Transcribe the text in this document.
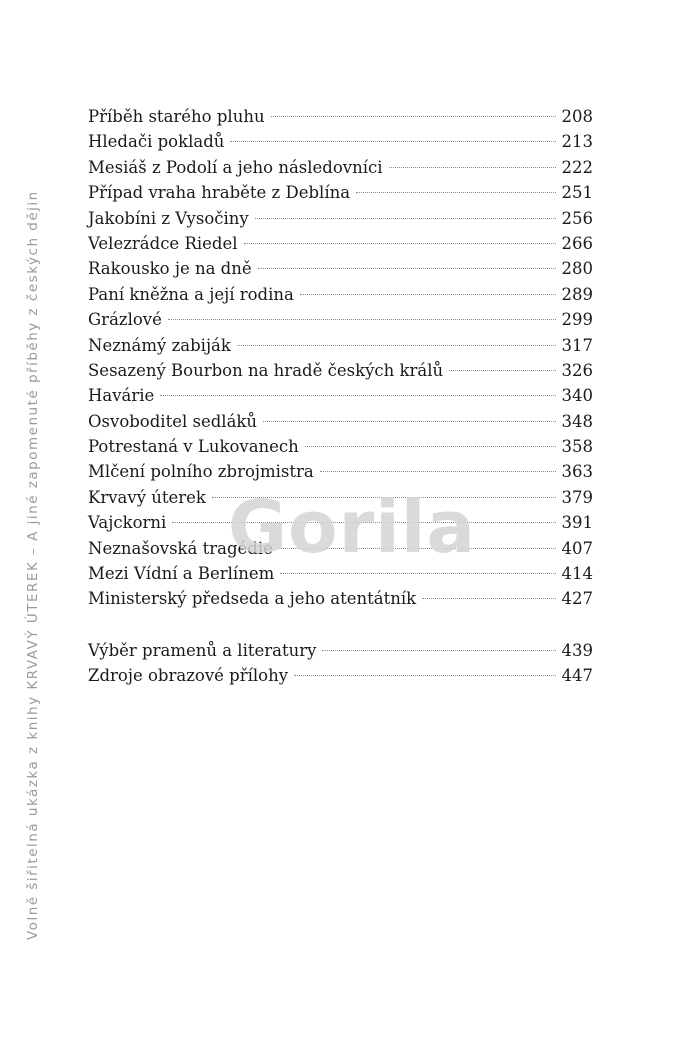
Volně šiřitelná ukázka z knihy KRVAVÝ ÚTEREK – A jiné zapomenuté příběhy z českých dějin
Příběh starého pluhu	208
Hledači pokladů	213
Mesiáš z Podolí a jeho následovníci	222
Případ vraha hraběte z Deblína	251
Jakobíni z Vysočiny	256
Velezrádce Riedel	266
Rakousko je na dně	280
Paní kněžna a její rodina	289
Grázlové	299
Neznámý zabiják	317
Sesazený Bourbon na hradě českých králů	326
Havárie	340
Osvoboditel sedláků	348
Potrestaná v Lukovanech	358
Mlčení polního zbrojmistra	363
Krvavý úterek	379
Vajckorni	391
Neznašovská tragédie	407
Mezi Vídní a Berlínem	414
Ministerský předseda a jeho atentátník	427
Výběr pramenů a literatury	439
Zdroje obrazové přílohy	447
Gorila
